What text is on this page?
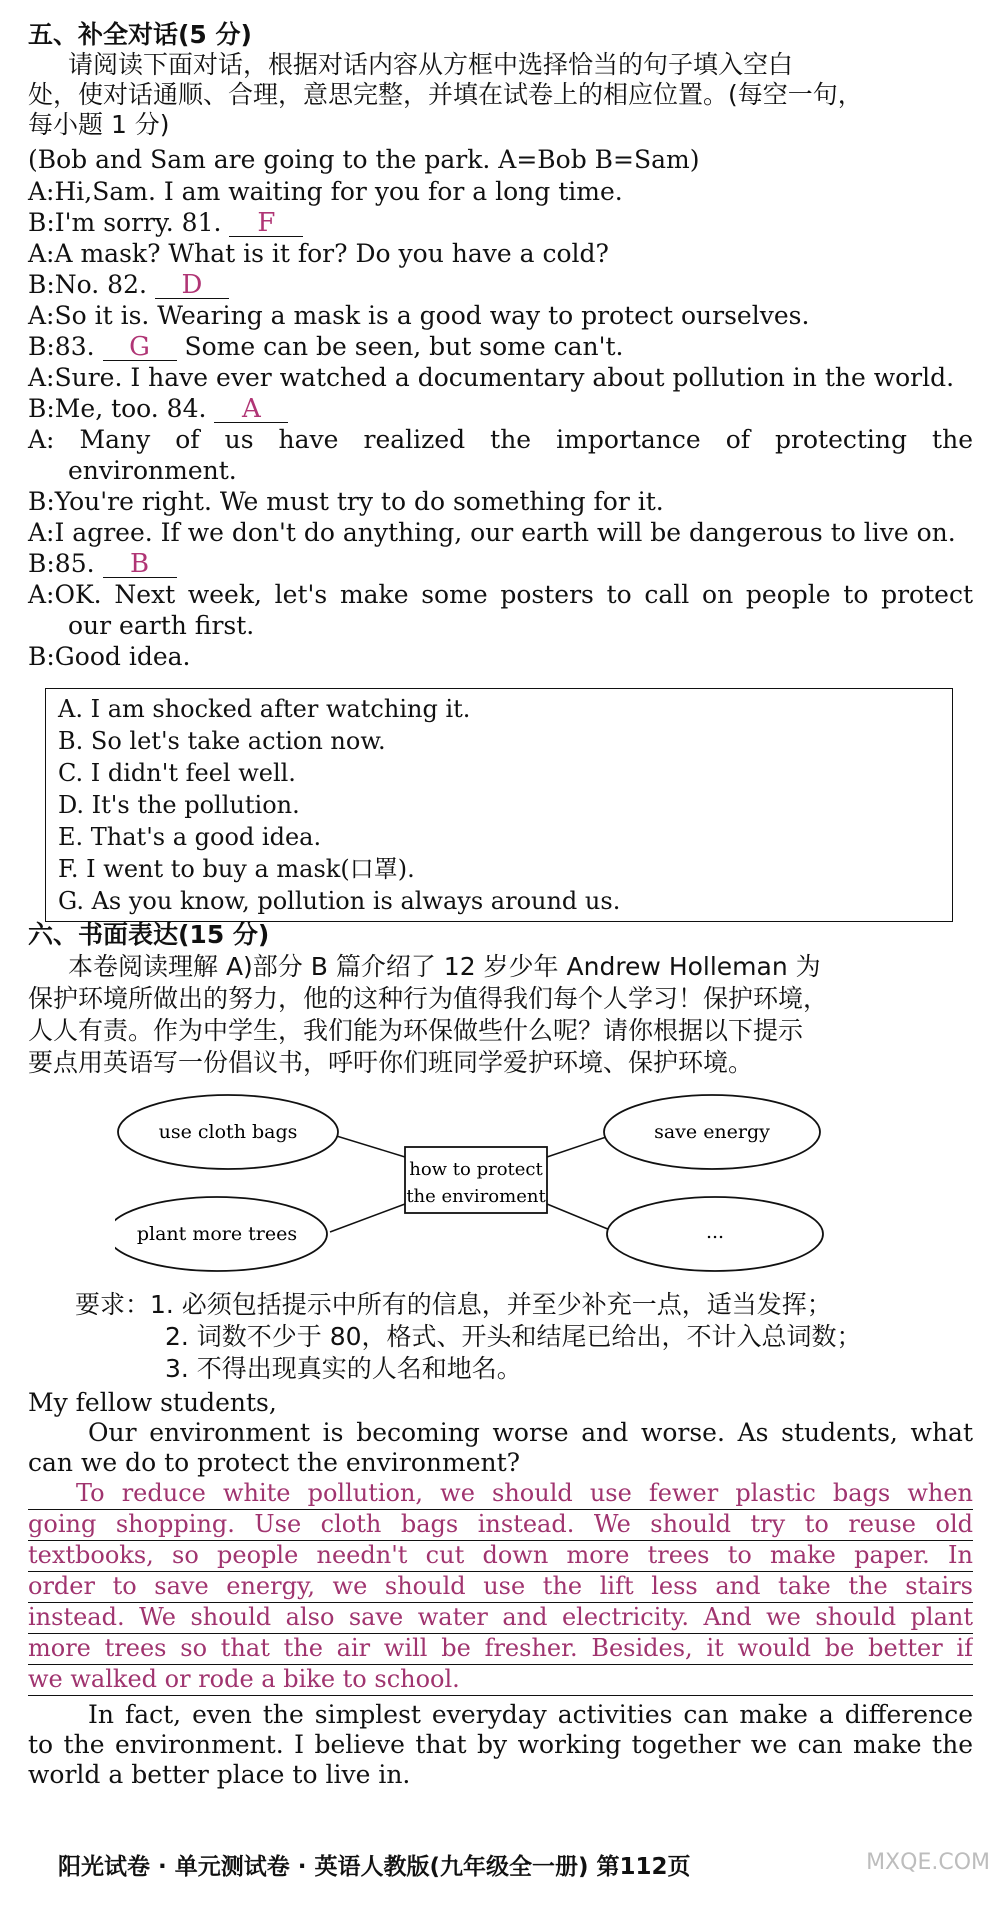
五、补全对话(5 分)
请阅读下面对话，根据对话内容从方框中选择恰当的句子填入空白
处，使对话通顺、合理，意思完整，并填在试卷上的相应位置。(每空一句，
每小题 1 分)
(Bob and Sam are going to the park. A=Bob B=Sam)
A:Hi,Sam. I am waiting for you for a long time.
B:I'm sorry. 81. F
A:A mask? What is it for? Do you have a cold?
B:No. 82. D
A:So it is. Wearing a mask is a good way to protect ourselves.
B:83. G Some can be seen, but some can't.
A:Sure. I have ever watched a documentary about pollution in the world.
B:Me, too. 84. A
A: Many of us have realized the importance of protecting the
environment.
B:You're right. We must try to do something for it.
A:I agree. If we don't do anything, our earth will be dangerous to live on.
B:85. B
A:OK. Next week, let's make some posters to call on people to protect
our earth first.
B:Good idea.
A. I am shocked after watching it.
B. So let's take action now.
C. I didn't feel well.
D. It's the pollution.
E. That's a good idea.
F. I went to buy a mask(口罩).
G. As you know, pollution is always around us.
六、书面表达(15 分)
本卷阅读理解 A)部分 B 篇介绍了 12 岁少年 Andrew Holleman 为
保护环境所做出的努力，他的这种行为值得我们每个人学习！保护环境，
人人有责。作为中学生，我们能为环保做些什么呢？请你根据以下提示
要点用英语写一份倡议书，呼吁你们班同学爱护环境、保护环境。
use cloth bags	save energy
plant more trees	...
how to protect
the enviroment
要求：1. 必须包括提示中所有的信息，并至少补充一点，适当发挥；
2. 词数不少于 80，格式、开头和结尾已给出，不计入总词数；
3. 不得出现真实的人名和地名。
My fellow students,
Our environment is becoming worse and worse. As students, what
can we do to protect the environment?
To reduce white pollution, we should use fewer plastic bags when
going shopping. Use cloth bags instead. We should try to reuse old
textbooks, so people needn't cut down more trees to make paper. In
order to save energy, we should use the lift less and take the stairs
instead. We should also save water and electricity. And we should plant
more trees so that the air will be fresher. Besides, it would be better if
we walked or rode a bike to school.
In fact, even the simplest everyday activities can make a difference
to the environment. I believe that by working together we can make the
world a better place to live in.
阳光试卷 · 单元测试卷 · 英语人教版(九年级全一册) 第112页	MXQE.COM
